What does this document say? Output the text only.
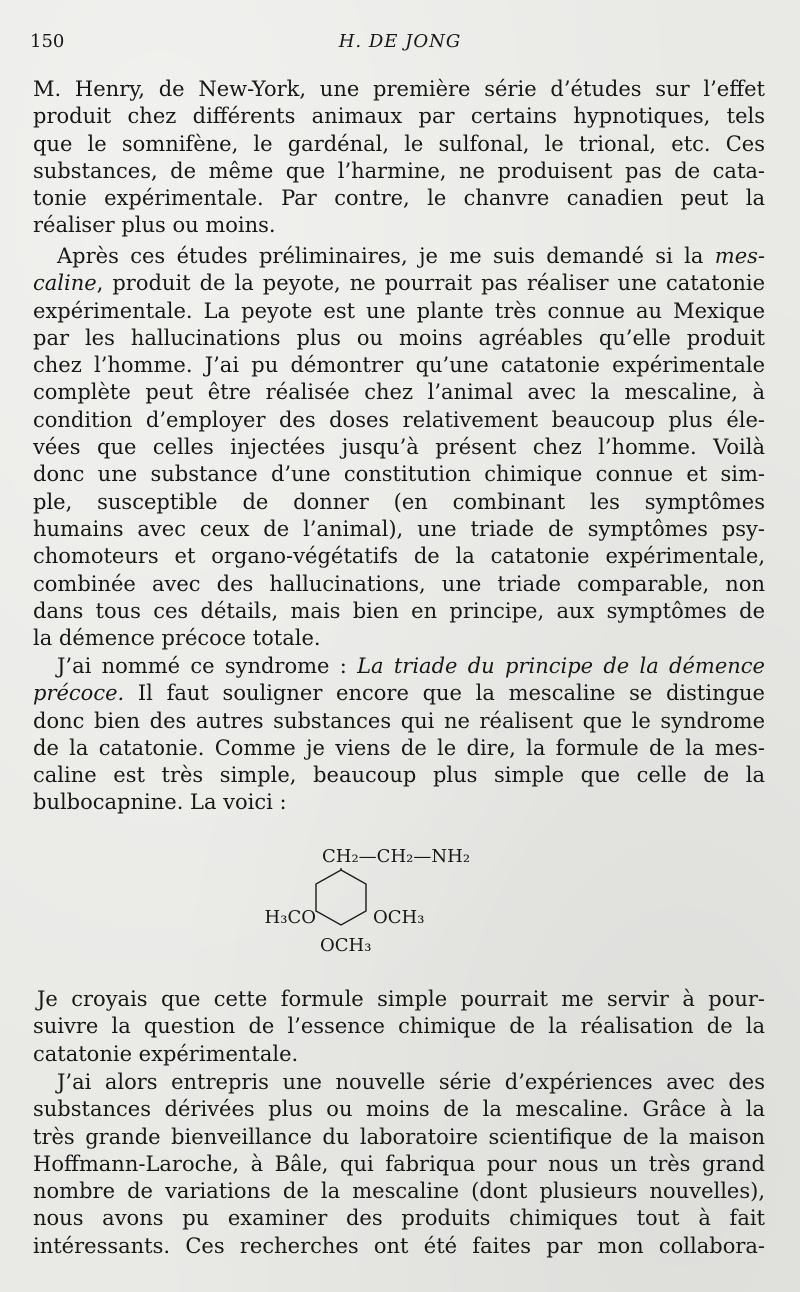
150	H. DE JONG
M. Henry, de New-York, une première série d’études sur l’effet
produit chez différents animaux par certains hypnotiques, tels
que le somnifène, le gardénal, le sulfonal, le trional, etc. Ces
substances, de même que l’harmine, ne produisent pas de cata-
tonie expérimentale. Par contre, le chanvre canadien peut la
réaliser plus ou moins.
Après ces études préliminaires, je me suis demandé si la mes-
caline, produit de la peyote, ne pourrait pas réaliser une catatonie
expérimentale. La peyote est une plante très connue au Mexique
par les hallucinations plus ou moins agréables qu’elle produit
chez l’homme. J’ai pu démontrer qu’une catatonie expérimentale
complète peut être réalisée chez l’animal avec la mescaline, à
condition d’employer des doses relativement beaucoup plus éle-
vées que celles injectées jusqu’à présent chez l’homme. Voilà
donc une substance d’une constitution chimique connue et sim-
ple, susceptible de donner (en combinant les symptômes
humains avec ceux de l’animal), une triade de symptômes psy-
chomoteurs et organo-végétatifs de la catatonie expérimentale,
combinée avec des hallucinations, une triade comparable, non
dans tous ces détails, mais bien en principe, aux symptômes de
la démence précoce totale.
J’ai nommé ce syndrome : La triade du principe de la démence
précoce. Il faut souligner encore que la mescaline se distingue
donc bien des autres substances qui ne réalisent que le syndrome
de la catatonie. Comme je viens de le dire, la formule de la mes-
caline est très simple, beaucoup plus simple que celle de la
bulbocapnine. La voici :
CH₂—CH₂—NH₂
H₃CO	OCH₃
OCH₃
Je croyais que cette formule simple pourrait me servir à pour-
suivre la question de l’essence chimique de la réalisation de la
catatonie expérimentale.
J’ai alors entrepris une nouvelle série d’expériences avec des
substances dérivées plus ou moins de la mescaline. Grâce à la
très grande bienveillance du laboratoire scientifique de la maison
Hoffmann-Laroche, à Bâle, qui fabriqua pour nous un très grand
nombre de variations de la mescaline (dont plusieurs nouvelles),
nous avons pu examiner des produits chimiques tout à fait
intéressants. Ces recherches ont été faites par mon collabora-
